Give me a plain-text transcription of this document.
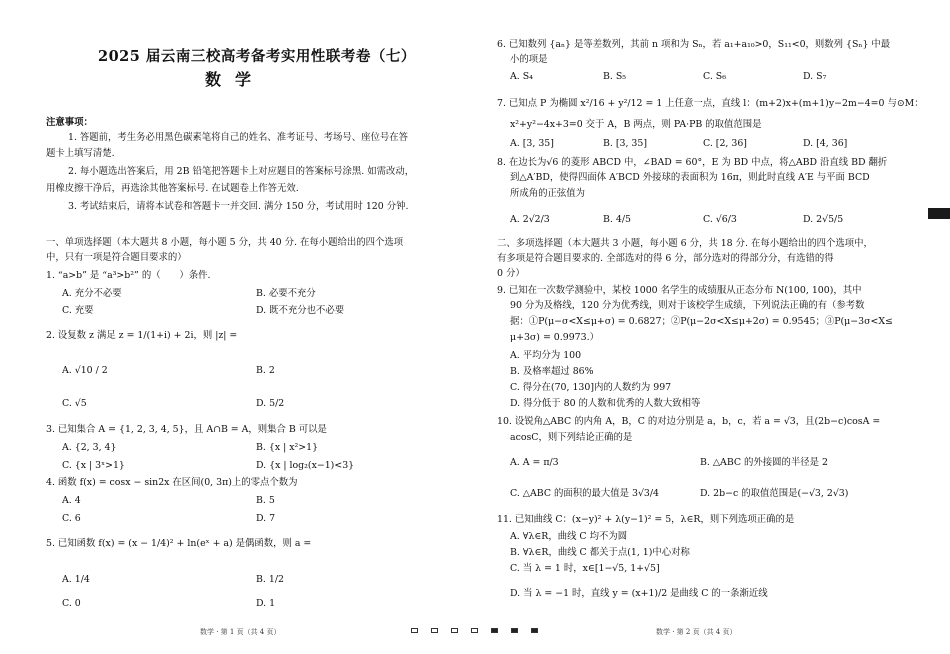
2025 届云南三校高考备考实用性联考卷（七）
数学
注意事项：
1. 答题前，考生务必用黑色碳素笔将自己的姓名、准考证号、考场号、座位号在答
题卡上填写清楚.
2. 每小题选出答案后，用 2B 铅笔把答题卡上对应题目的答案标号涂黑. 如需改动，
用橡皮擦干净后，再选涂其他答案标号. 在试题卷上作答无效.
3. 考试结束后，请将本试卷和答题卡一并交回. 满分 150 分，考试用时 120 分钟.
一、单项选择题（本大题共 8 小题，每小题 5 分，共 40 分. 在每小题给出的四个选项
中，只有一项是符合题目要求的）
1. “a>b” 是 “a³>b²” 的（　　）条件.
A. 充分不必要	B. 必要不充分
C. 充要	D. 既不充分也不必要
2. 设复数 z 满足 z = 1/(1+i) + 2i，则 |z| =
A. √10 / 2	B. 2
C. √5	D. 5/2
3. 已知集合 A = {1, 2, 3, 4, 5}，且 A∩B = A，则集合 B 可以是
A. {2, 3, 4}	B. {x | x²>1}
C. {x | 3ˣ>1}	D. {x | log₂(x−1)<3}
4. 函数 f(x) = cosx − sin2x 在区间(0, 3π)上的零点个数为
A. 4	B. 5
C. 6	D. 7
5. 已知函数 f(x) = (x − 1/4)² + ln(eˣ + a) 是偶函数，则 a =
A. 1/4	B. 1/2
C. 0	D. 1
数学 · 第 1 页（共 4 页）
6. 已知数列 {aₙ} 是等差数列，其前 n 项和为 Sₙ，若 a₁+a₁₀>0，S₁₁<0，则数列 {Sₙ} 中最
小的项是
A. S₄	B. S₅	C. S₆	D. S₇
7. 已知点 P 为椭圆 x²/16 + y²/12 = 1 上任意一点，直线 l：(m+2)x+(m+1)y−2m−4=0 与⊙M：
x²+y²−4x+3=0 交于 A，B 两点，则 PA·PB 的取值范围是
A. [3, 35]	B. [3, 35]	C. [2, 36]	D. [4, 36]
8. 在边长为√6 的菱形 ABCD 中，∠BAD = 60°，E 为 BD 中点，将△ABD 沿直线 BD 翻折
到△A′BD，使得四面体 A′BCD 外接球的表面积为 16π，则此时直线 A′E 与平面 BCD
所成角的正弦值为
A. 2√2/3	B. 4/5	C. √6/3	D. 2√5/5
二、多项选择题（本大题共 3 小题，每小题 6 分，共 18 分. 在每小题给出的四个选项中，
有多项是符合题目要求的. 全部选对的得 6 分，部分选对的得部分分，有选错的得
0 分）
9. 已知在一次数学测验中，某校 1000 名学生的成绩服从正态分布 N(100, 100)，其中
90 分为及格线，120 分为优秀线，则对于该校学生成绩，下列说法正确的有（参考数
据：①P(μ−σ<X≤μ+σ) = 0.6827；②P(μ−2σ<X≤μ+2σ) = 0.9545；③P(μ−3σ<X≤
μ+3σ) = 0.9973.）
A. 平均分为 100
B. 及格率超过 86%
C. 得分在(70, 130]内的人数约为 997
D. 得分低于 80 的人数和优秀的人数大致相等
10. 设锐角△ABC 的内角 A，B，C 的对边分别是 a，b，c，若 a = √3，且(2b−c)cosA =
acosC，则下列结论正确的是
A. A = π/3	B. △ABC 的外接圆的半径是 2
C. △ABC 的面积的最大值是 3√3/4	D. 2b−c 的取值范围是(−√3, 2√3)
11. 已知曲线 C：(x−y)² + λ(y−1)² = 5，λ∈R，则下列选项正确的是
A. ∀λ∈R，曲线 C 均不为圆
B. ∀λ∈R，曲线 C 都关于点(1, 1)中心对称
C. 当 λ = 1 时，x∈[1−√5, 1+√5]
D. 当 λ = −1 时，直线 y = (x+1)/2 是曲线 C 的一条渐近线
数学 · 第 2 页（共 4 页）
